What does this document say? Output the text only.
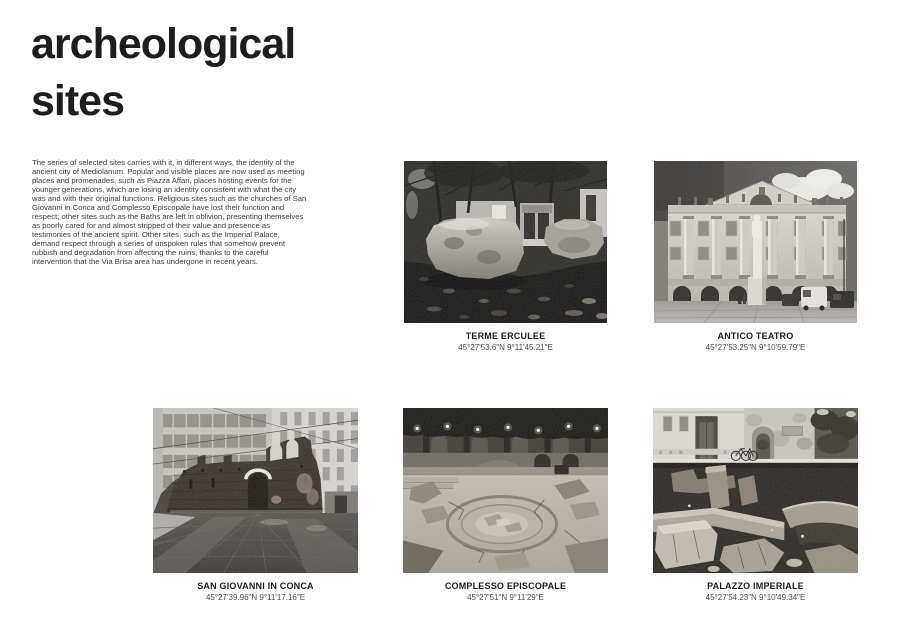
archeological
sites

The series of selected sites carries with it, in different ways, the identity of the ancient city of Mediolanum. Popular and visible places are now used as meeting places and promenades, such as Piazza Affari, places hosting events for the younger generations, which are losing an identity consistent with what the city was and with their original functions. Religious sites such as the churches of San Giovanni in Conca and Complesso Episcopale have lost their function and respect; other sites such as the Baths are left in oblivion, presenting themselves as poorly cared for and almost stripped of their value and presence as testimonies of the ancient spirit. Other sites, such as the Imperial Palace, demand respect through a series of unspoken rules that somehow prevent rubbish and degradation from affecting the ruins, thanks to the careful intervention that the Via Brisa area has undergone in recent years.

TERME ERCULEE
45°27'53.6"N 9°11'45.21"E
ANTICO TEATRO
45°27'53.25"N 9°10'59.79"E
SAN GIOVANNI IN CONCA
45°27'39.96"N 9°11'17.16"E
COMPLESSO EPISCOPALE
45°27'51"N 9°11'29"E
PALAZZO IMPERIALE
45°27'54.23"N 9°10'49.34"E
